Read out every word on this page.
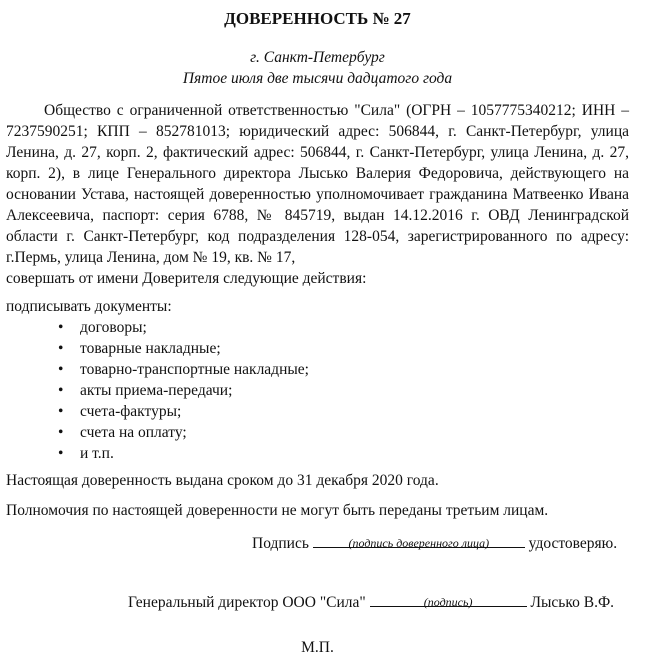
ДОВЕРЕННОСТЬ № 27
г. Санкт-Петербург
Пятое июля две тысячи дадцатого года

Общество с ограниченной ответственностью "Сила" (ОГРН – 1057775340212; ИНН – 7237590251; КПП – 852781013; юридический адрес: 506844, г. Санкт-Петербург, улица Ленина, д. 27, корп. 2, фактический адрес: 506844, г. Санкт-Петербург, улица Ленина, д. 27, корп. 2), в лице Генерального директора Лысько Валерия Федоровича, действующего на основании Устава, настоящей доверенностью уполномочивает гражданина Матвеенко Ивана Алексеевича, паспорт: серия 6788, № 845719, выдан 14.12.2016 г. ОВД Ленинградской области г. Санкт-Петербург, код подразделения 128-054, зарегистрированного по адресу: г.Пермь, улица Ленина, дом № 19, кв. № 17,

совершать от имени Доверителя следующие действия:

подписывать документы:

• договоры;
• товарные накладные;
• товарно-транспортные накладные;
• акты приема-передачи;
• счета-фактуры;
• счета на оплату;
• и т.п.

Настоящая доверенность выдана сроком до 31 декабря 2020 года.

Полномочия по настоящей доверенности не могут быть переданы третьим лицам.

Подпись	(подпись доверенного лица)	удостоверяю.
Генеральный директор ООО "Сила"	(подпись)	Лысько В.Ф.
М.П.
